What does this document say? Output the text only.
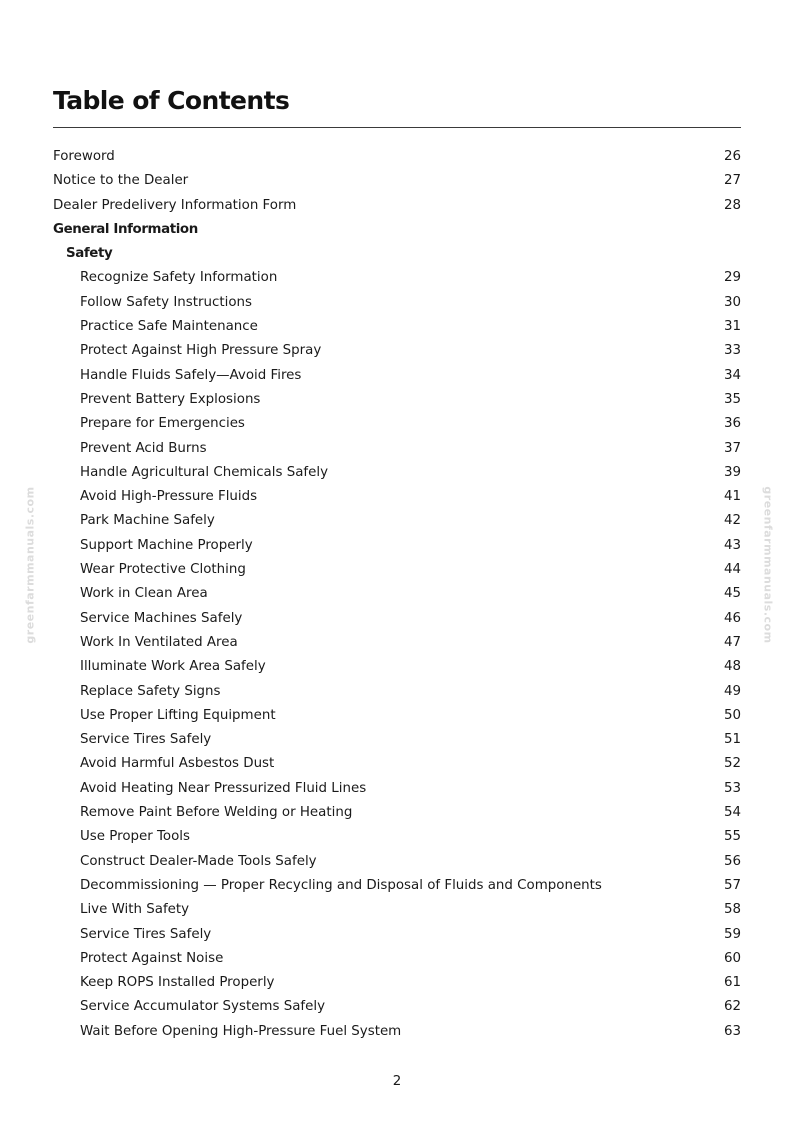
Table of Contents
Foreword	26
Notice to the Dealer	27
Dealer Predelivery Information Form	28
General Information
Safety
Recognize Safety Information	29
Follow Safety Instructions	30
Practice Safe Maintenance	31
Protect Against High Pressure Spray	33
Handle Fluids Safely—Avoid Fires	34
Prevent Battery Explosions	35
Prepare for Emergencies	36
Prevent Acid Burns	37
Handle Agricultural Chemicals Safely	39
Avoid High-Pressure Fluids	41
Park Machine Safely	42
Support Machine Properly	43
Wear Protective Clothing	44
Work in Clean Area	45
Service Machines Safely	46
Work In Ventilated Area	47
Illuminate Work Area Safely	48
Replace Safety Signs	49
Use Proper Lifting Equipment	50
Service Tires Safely	51
Avoid Harmful Asbestos Dust	52
Avoid Heating Near Pressurized Fluid Lines	53
Remove Paint Before Welding or Heating	54
Use Proper Tools	55
Construct Dealer-Made Tools Safely	56
Decommissioning — Proper Recycling and Disposal of Fluids and Components	57
Live With Safety	58
Service Tires Safely	59
Protect Against Noise	60
Keep ROPS Installed Properly	61
Service Accumulator Systems Safely	62
Wait Before Opening High-Pressure Fuel System	63
greenfarmmanuals.com	greenfarmmanuals.com
2
